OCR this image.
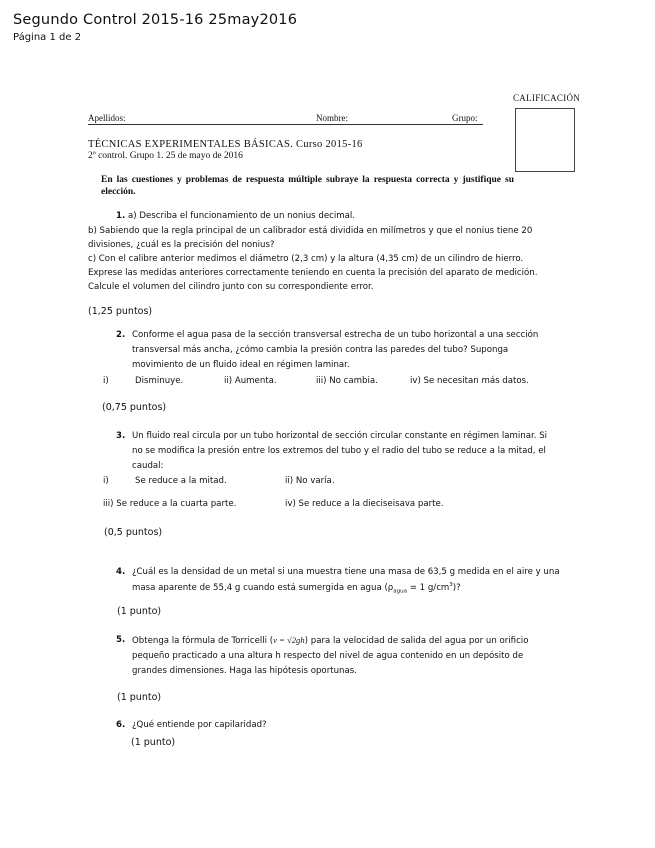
Segundo Control 2015-16 25may2016
Página 1 de 2
CALIFICACIÓN
Apellidos:	Nombre:	Grupo:
TÉCNICAS EXPERIMENTALES BÁSICAS. Curso 2015-16
2º control. Grupo 1. 25 de mayo de 2016
En las cuestiones y problemas de respuesta múltiple subraye la respuesta correcta y justifique su elección.
1. a) Describa el funcionamiento de un nonius decimal.
b) Sabiendo que la regla principal de un calibrador está dividida en milímetros y que el nonius tiene 20
divisiones, ¿cuál es la precisión del nonius?
c) Con el calibre anterior medimos el diámetro (2,3 cm) y la altura (4,35 cm) de un cilindro de hierro.
Exprese las medidas anteriores correctamente teniendo en cuenta la precisión del aparato de medición.
Calcule el volumen del cilindro junto con su correspondiente error.
(1,25 puntos)
2. Conforme el agua pasa de la sección transversal estrecha de un tubo horizontal a una sección
transversal más ancha, ¿cómo cambia la presión contra las paredes del tubo? Suponga
movimiento de un fluido ideal en régimen laminar.
i)	Disminuye.	ii) Aumenta.	iii) No cambia.	iv) Se necesitan más datos.
(0,75 puntos)
3. Un fluido real circula por un tubo horizontal de sección circular constante en régimen laminar. Si
no se modifica la presión entre los extremos del tubo y el radio del tubo se reduce a la mitad, el
caudal:
i)	Se reduce a la mitad.	ii) No varía.
iii) Se reduce a la cuarta parte.	iv) Se reduce a la dieciseisava parte.
(0,5 puntos)
4. ¿Cuál es la densidad de un metal si una muestra tiene una masa de 63,5 g medida en el aire y una
masa aparente de 55,4 g cuando está sumergida en agua ($\rho_{agua} = 1$ $g/cm^3$)?
(1 punto)
5. Obtenga la fórmula de Torricelli (v = √2gh) para la velocidad de salida del agua por un orificio
pequeño practicado a una altura h respecto del nivel de agua contenido en un depósito de
grandes dimensiones. Haga las hipótesis oportunas.
(1 punto)
6. ¿Qué entiende por capilaridad?
(1 punto)
